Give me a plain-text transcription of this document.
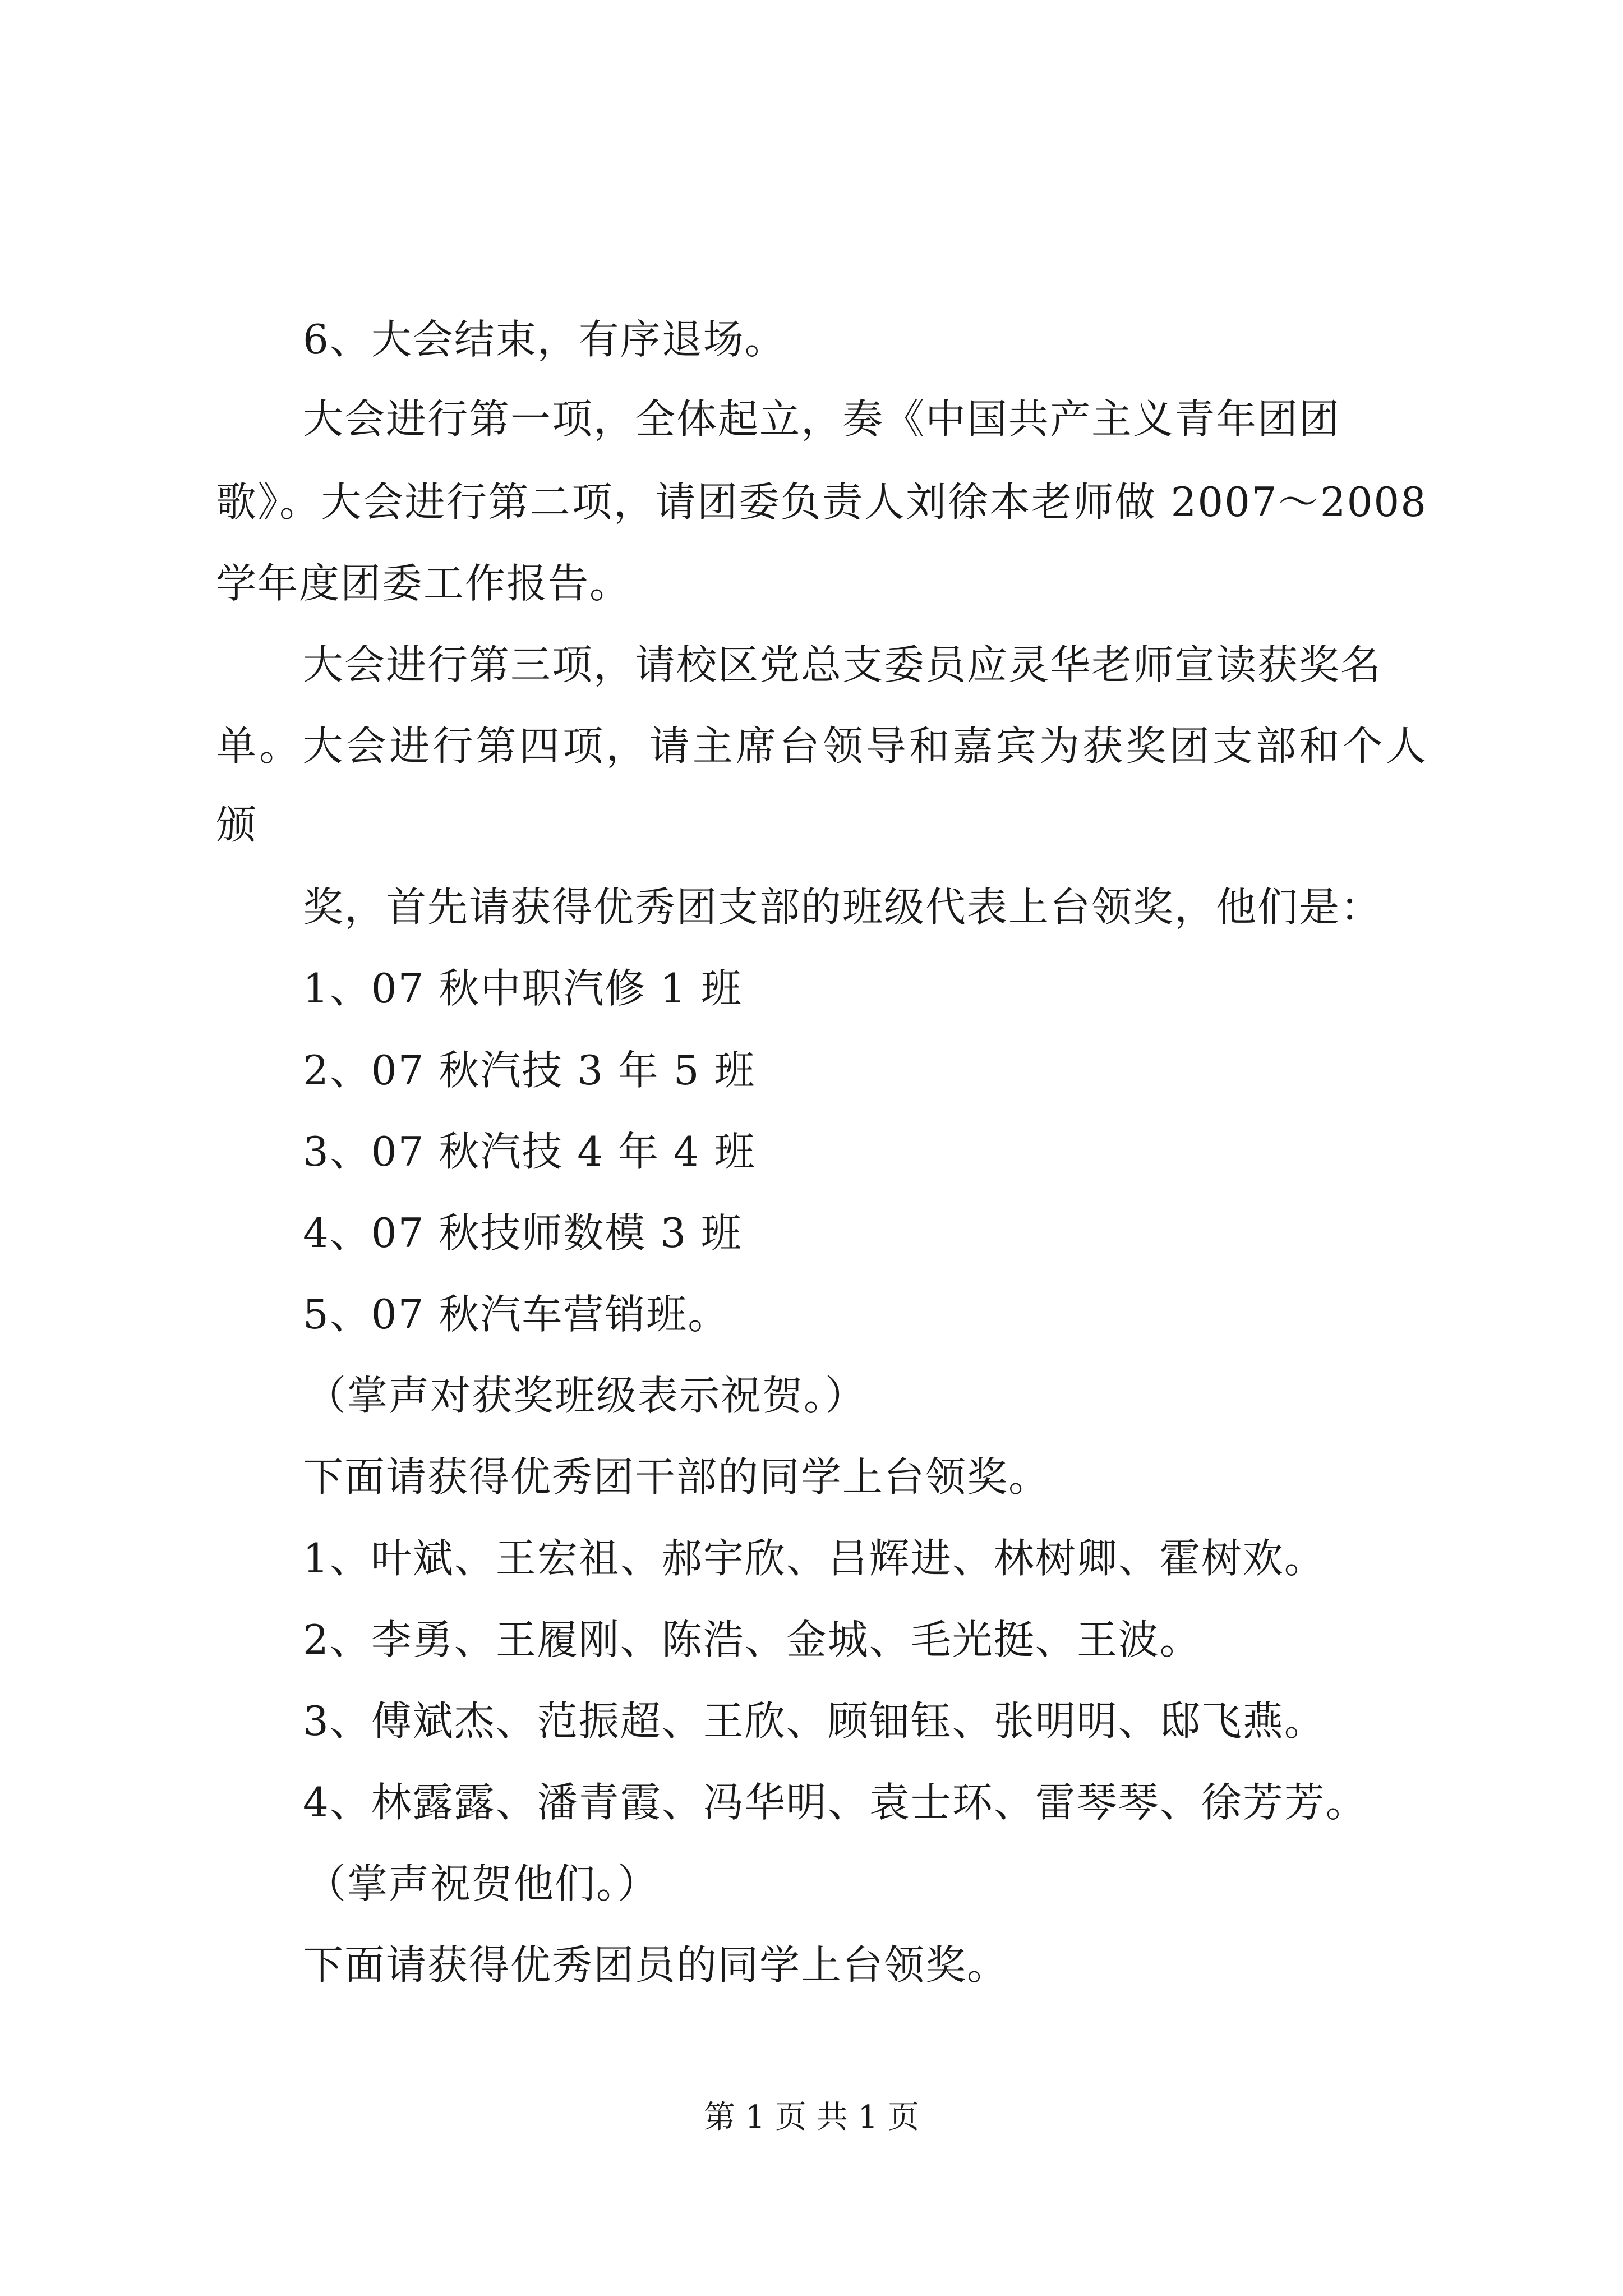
6、大会结束，有序退场。
大会进行第一项，全体起立，奏《中国共产主义青年团团
歌》。大会进行第二项，请团委负责人刘徐本老师做 2007～2008
学年度团委工作报告。
大会进行第三项，请校区党总支委员应灵华老师宣读获奖名
单。大会进行第四项，请主席台领导和嘉宾为获奖团支部和个人
颁
奖，首先请获得优秀团支部的班级代表上台领奖，他们是：
1、07 秋中职汽修 1 班
2、07 秋汽技 3 年 5 班
3、07 秋汽技 4 年 4 班
4、07 秋技师数模 3 班
5、07 秋汽车营销班。
（掌声对获奖班级表示祝贺。）
下面请获得优秀团干部的同学上台领奖。
1、叶斌、王宏祖、郝宇欣、吕辉进、林树卿、霍树欢。
2、李勇、王履刚、陈浩、金城、毛光挺、王波。
3、傅斌杰、范振超、王欣、顾钿钰、张明明、邸飞燕。
4、林露露、潘青霞、冯华明、袁士环、雷琴琴、徐芳芳。
（掌声祝贺他们。）
下面请获得优秀团员的同学上台领奖。
第 1 页 共 1 页
